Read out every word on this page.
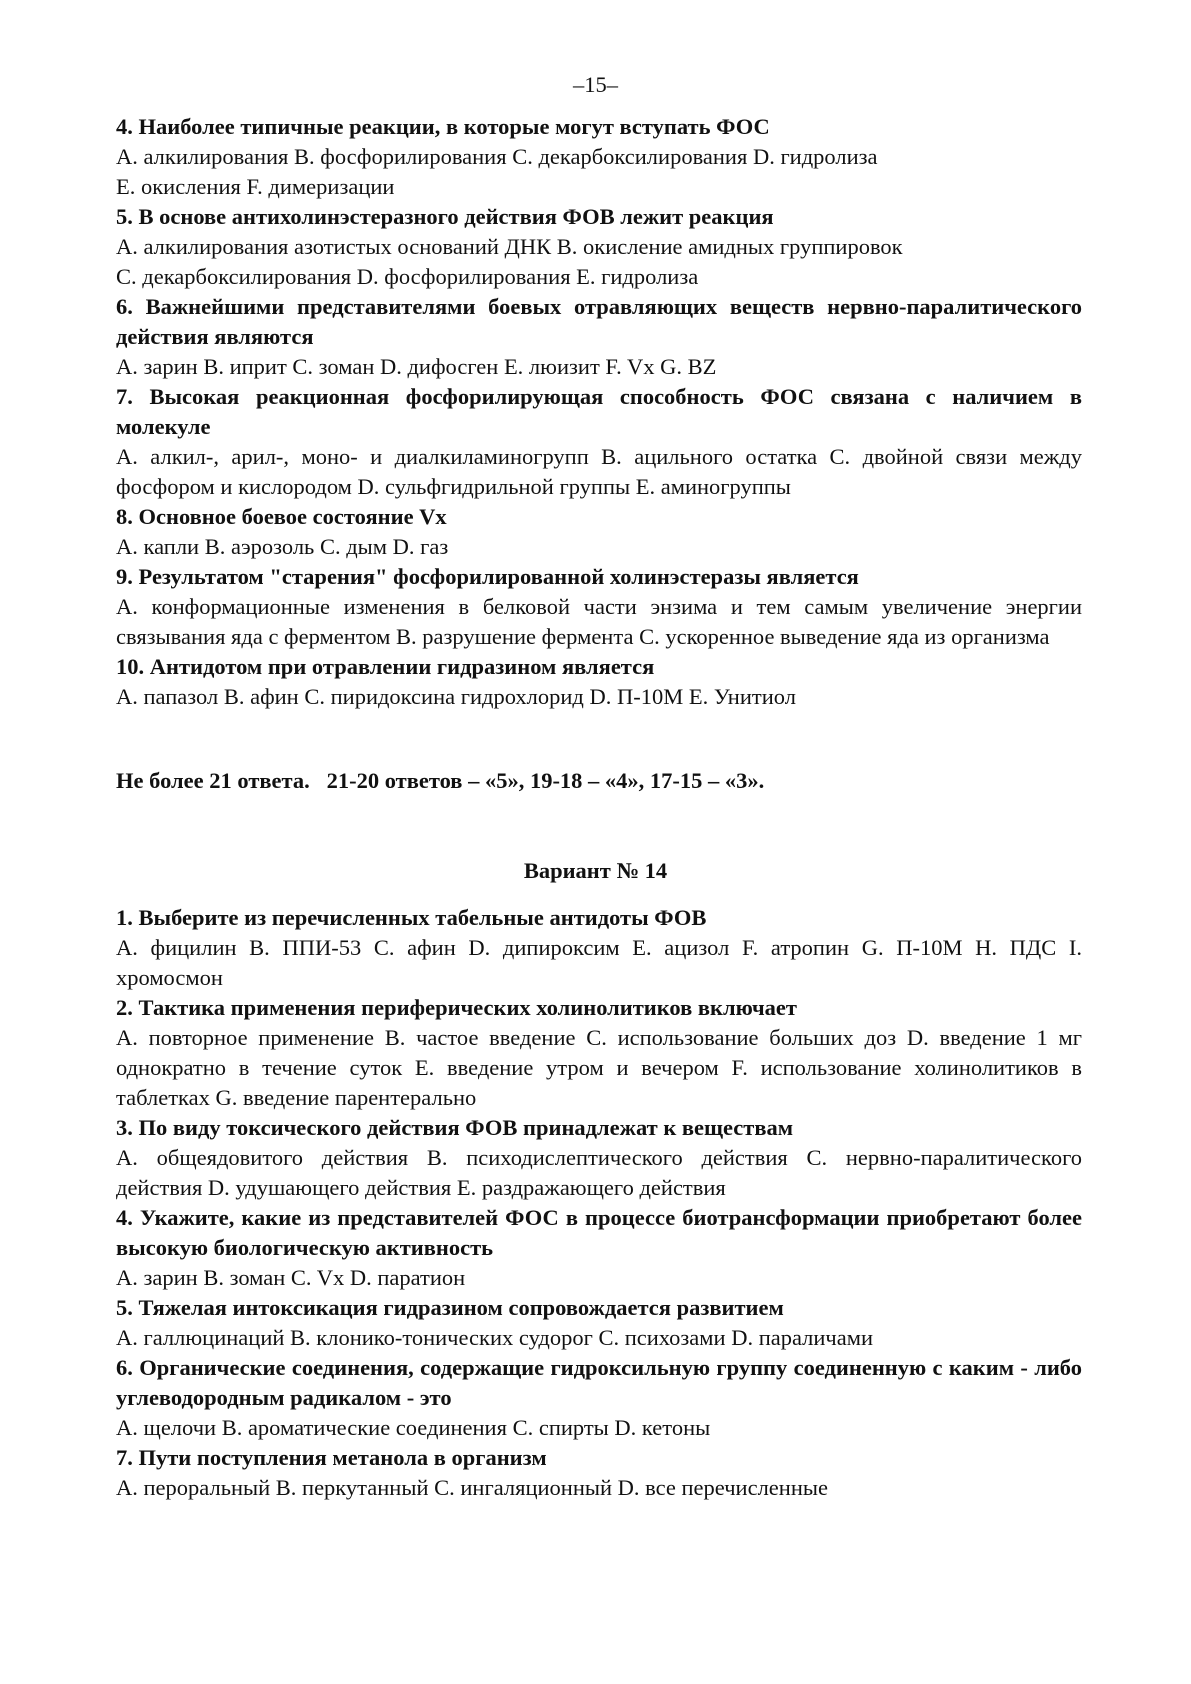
–15–

4. Наиболее типичные реакции, в которые могут вступать ФОС

A. алкилирования B. фосфорилирования C. декарбоксилирования D. гидролиза

E. окисления F. димеризации

5. В основе антихолинэстеразного действия ФОВ лежит реакция

A. алкилирования азотистых оснований ДНК B. окисление амидных группировок

C. декарбоксилирования D. фосфорилирования E. гидролиза

6. Важнейшими представителями боевых отравляющих веществ нервно-паралитического действия являются

A. зарин B. иприт C. зоман D. дифосген E. люизит F. Vx G. BZ

7. Высокая реакционная фосфорилирующая способность ФОС связана с наличием в молекуле

A. алкил-, арил-, моно- и диалкиламиногрупп B. ацильного остатка C. двойной связи между фосфором и кислородом D. сульфгидрильной группы E. аминогруппы

8. Основное боевое состояние Vx

A. капли B. аэрозоль C. дым D. газ

9. Результатом "старения" фосфорилированной холинэстеразы является

A. конформационные изменения в белковой части энзима и тем самым увеличение энергии связывания яда с ферментом B. разрушение фермента C. ускоренное выведение яда из организма

10. Антидотом при отравлении гидразином является

A. папазол B. афин C. пиридоксина гидрохлорид D. П-10М E. Унитиол

Не более 21 ответа.   21-20 ответов – «5», 19-18 – «4», 17-15 – «3».
Вариант № 14

1. Выберите из перечисленных табельные антидоты ФОВ

A. фицилин B. ППИ-53 C. афин D. дипироксим E. ацизол F. атропин G. П-10М H. ПДС I. хромосмон

2. Тактика применения периферических холинолитиков включает

A. повторное применение B. частое введение C. использование больших доз D. введение 1 мг однократно в течение суток E. введение утром и вечером F. использование холинолитиков в таблетках G. введение парентерально

3. По виду токсического действия ФОВ принадлежат к веществам

A. общеядовитого действия B. психодислептического действия C. нервно-паралитического действия D. удушающего действия E. раздражающего действия

4. Укажите, какие из представителей ФОС в процессе биотрансформации приобретают более высокую биологическую активность

A. зарин B. зоман C. Vx D. паратион

5. Тяжелая интоксикация гидразином сопровождается развитием

A. галлюцинаций B. клонико-тонических судорог C. психозами D. параличами

6. Органические соединения, содержащие гидроксильную группу соединенную с каким - либо углеводородным радикалом - это

A. щелочи B. ароматические соединения C. спирты D. кетоны

7. Пути поступления метанола в организм

A. пероральный B. перкутанный C. ингаляционный D. все перечисленные
